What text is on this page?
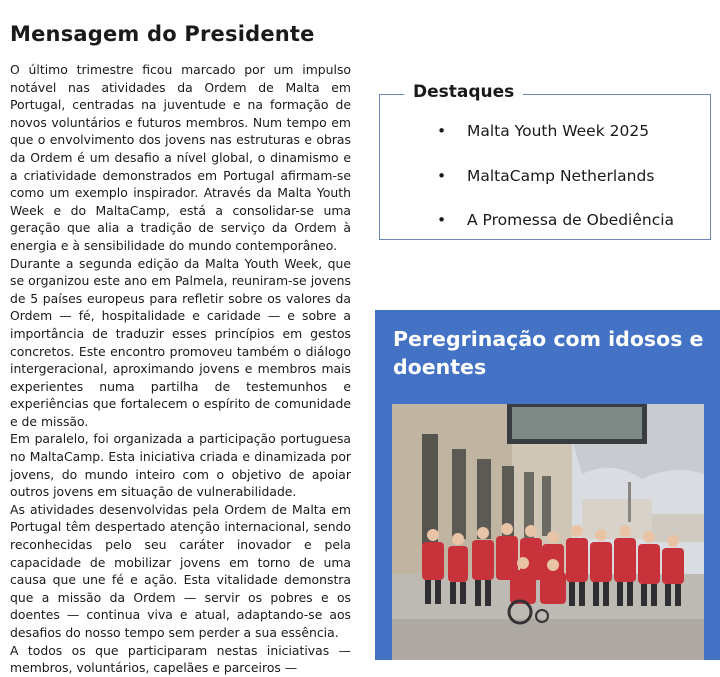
Mensagem do Presidente

O último trimestre ficou marcado por um impulso notável nas atividades da Ordem de Malta em Portugal, centradas na juventude e na formação de novos voluntários e futuros membros. Num tempo em que o envolvimento dos jovens nas estruturas e obras da Ordem é um desafio a nível global, o dinamismo e a criatividade demonstrados em Portugal afirmam-se como um exemplo inspirador. Através da Malta Youth Week e do MaltaCamp, está a consolidar-se uma geração que alia a tradição de serviço da Ordem à energia e à sensibilidade do mundo contemporâneo.

Durante a segunda edição da Malta Youth Week, que se organizou este ano em Palmela, reuniram-se jovens de 5 países europeus para refletir sobre os valores da Ordem — fé, hospitalidade e caridade — e sobre a importância de traduzir esses princípios em gestos concretos. Este encontro promoveu também o diálogo intergeracional, aproximando jovens e membros mais experientes numa partilha de testemunhos e experiências que fortalecem o espírito de comunidade e de missão.

Em paralelo, foi organizada a participação portuguesa no MaltaCamp. Esta iniciativa criada e dinamizada por jovens, do mundo inteiro com o objetivo de apoiar outros jovens em situação de vulnerabilidade.

As atividades desenvolvidas pela Ordem de Malta em Portugal têm despertado atenção internacional, sendo reconhecidas pelo seu caráter inovador e pela capacidade de mobilizar jovens em torno de uma causa que une fé e ação. Esta vitalidade demonstra que a missão da Ordem — servir os pobres e os doentes — continua viva e atual, adaptando-se aos desafios do nosso tempo sem perder a sua essência.

A todos os que participaram nestas iniciativas — membros, voluntários, capelães e parceiros —

Destaques
• Malta Youth Week 2025
• MaltaCamp Netherlands
• A Promessa de Obediência
Peregrinação com idosos e doentes
